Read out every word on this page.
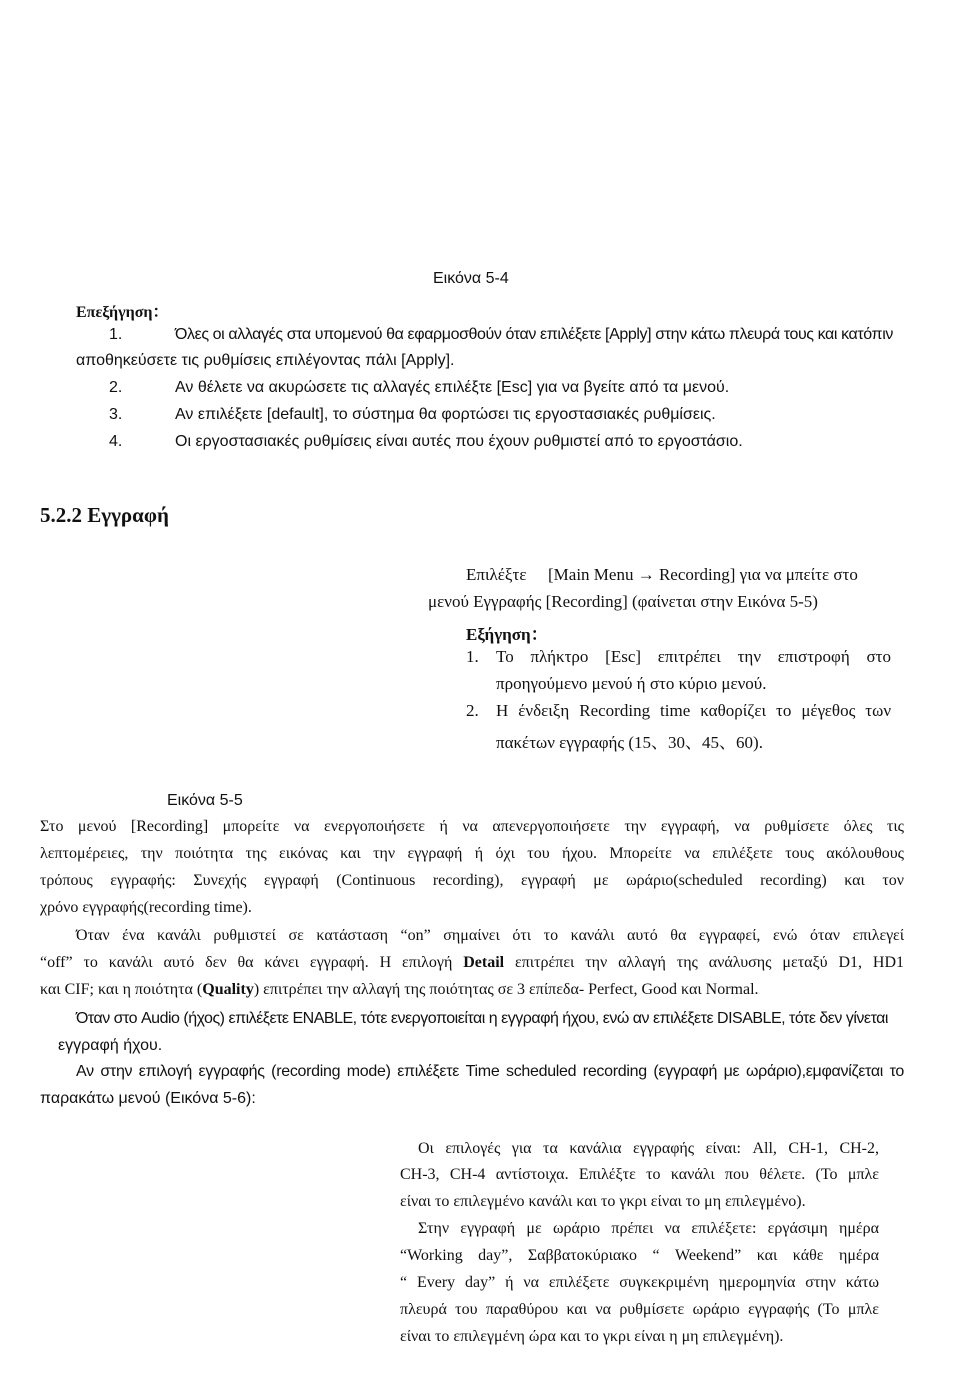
Εικόνα 5-4
Επεξήγηση：
1.	Όλες οι αλλαγές στα υπομενού θα εφαρμοσθούν όταν επιλέξετε [Apply] στην κάτω πλευρά τους και κατόπιν
αποθηκεύσετε τις ρυθμίσεις επιλέγοντας πάλι [Apply].
2.	Αν θέλετε να ακυρώσετε τις αλλαγές επιλέξτε [Esc] για να βγείτε από τα μενού.
3.	Αν επιλέξετε [default], το σύστημα θα φορτώσει τις εργοστασιακές ρυθμίσεις.
4.	Οι εργοστασιακές ρυθμίσεις είναι αυτές που έχουν ρυθμιστεί από το εργοστάσιο.
5.2.2 Εγγραφή
Επιλέξτε [Main Menu → Recording] για να μπείτε στο
μενού Εγγραφής [Recording] (φαίνεται στην Εικόνα 5-5)
Εξήγηση：
1. Το πλήκτρο [Esc] επιτρέπει την επιστροφή στο
προηγούμενο μενού ή στο κύριο μενού.
2. Η ένδειξη Recording time καθορίζει το μέγεθος των
πακέτων εγγραφής (15、30、45、60).
Εικόνα 5-5
Στο μενού [Recording] μπορείτε να ενεργοποιήσετε ή να απενεργοποιήσετε την εγγραφή, να ρυθμίσετε όλες τις
λεπτομέρειες, την ποιότητα της εικόνας και την εγγραφή ή όχι του ήχου. Μπορείτε να επιλέξετε τους ακόλουθους
τρόπους εγγραφής: Συνεχής εγγραφή (Continuous recording), εγγραφή με ωράριο(scheduled recording) και τον
χρόνο εγγραφής(recording time).
Όταν ένα κανάλι ρυθμιστεί σε κατάσταση “on” σημαίνει ότι το κανάλι αυτό θα εγγραφεί, ενώ όταν επιλεγεί
“off” το κανάλι αυτό δεν θα κάνει εγγραφή. Η επιλογή Detail επιτρέπει την αλλαγή της ανάλυσης μεταξύ D1, HD1
και CIF; και η ποιότητα (Quality) επιτρέπει την αλλαγή της ποιότητας σε 3 επίπεδα- Perfect, Good και Normal.
Όταν στο Audio (ήχος) επιλέξετε ENABLE, τότε ενεργοποιείται η εγγραφή ήχου, ενώ αν επιλέξετε DISABLE, τότε δεν γίνεται
εγγραφή ήχου.
Αν στην επιλογή εγγραφής (recording mode) επιλέξετε Time scheduled recording (εγγραφή με ωράριο),εμφανίζεται το
παρακάτω μενού (Εικόνα 5-6):
Οι επιλογές για τα κανάλια εγγραφής είναι: All, CH-1, CH-2,
CH-3, CH-4 αντίστοιχα. Επιλέξτε το κανάλι που θέλετε. (Το μπλε
είναι το επιλεγμένο κανάλι και το γκρι είναι το μη επιλεγμένο).
Στην εγγραφή με ωράριο πρέπει να επιλέξετε: εργάσιμη ημέρα
“Working day”, Σαββατοκύριακο “ Weekend” και κάθε ημέρα
“ Every day” ή να επιλέξετε συγκεκριμένη ημερομηνία στην κάτω
πλευρά του παραθύρου και να ρυθμίσετε ωράριο εγγραφής (Το μπλε
είναι το επιλεγμένη ώρα και το γκρι είναι η μη επιλεγμένη).
